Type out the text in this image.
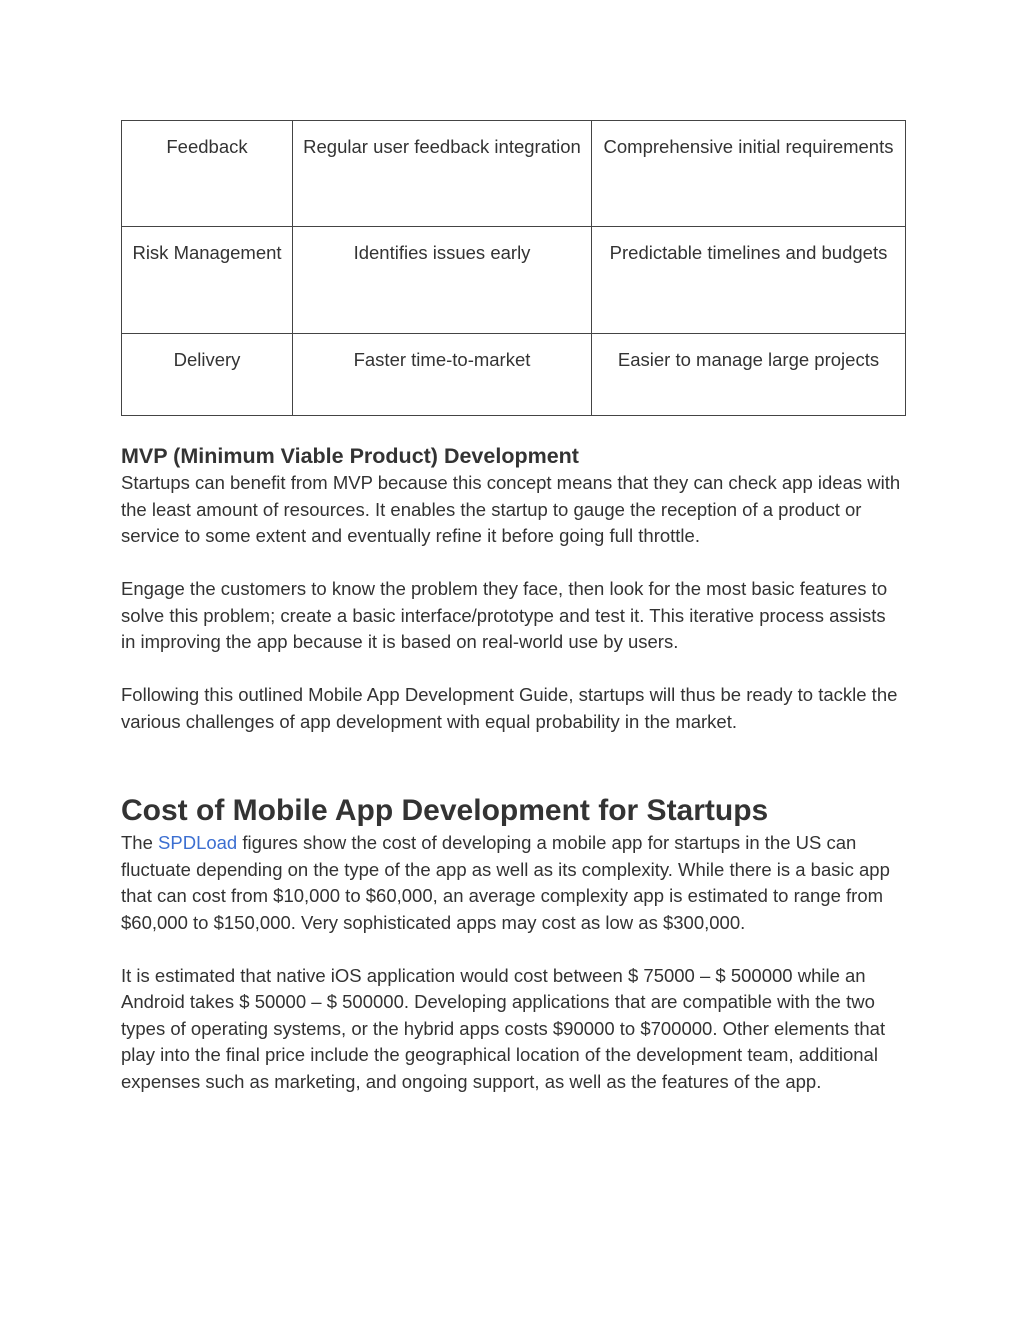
Feedback	Regular user feedback integration	Comprehensive initial requirements
Risk Management	Identifies issues early	Predictable timelines and budgets
Delivery	Faster time-to-market	Easier to manage large projects
MVP (Minimum Viable Product) Development

Startups can benefit from MVP because this concept means that they can check app ideas with the least amount of resources. It enables the startup to gauge the reception of a product or service to some extent and eventually refine it before going full throttle.

Engage the customers to know the problem they face, then look for the most basic features to solve this problem; create a basic interface/prototype and test it. This iterative process assists in improving the app because it is based on real-world use by users.

Following this outlined Mobile App Development Guide, startups will thus be ready to tackle the various challenges of app development with equal probability in the market.

Cost of Mobile App Development for Startups

The SPDLoad figures show the cost of developing a mobile app for startups in the US can fluctuate depending on the type of the app as well as its complexity. While there is a basic app that can cost from $10,000 to $60,000, an average complexity app is estimated to range from $60,000 to $150,000. Very sophisticated apps may cost as low as $300,000.

It is estimated that native iOS application would cost between $ 75000 – $ 500000 while an Android takes $ 50000 – $ 500000. Developing applications that are compatible with the two types of operating systems, or the hybrid apps costs $90000 to $700000. Other elements that play into the final price include the geographical location of the development team, additional expenses such as marketing, and ongoing support, as well as the features of the app.
